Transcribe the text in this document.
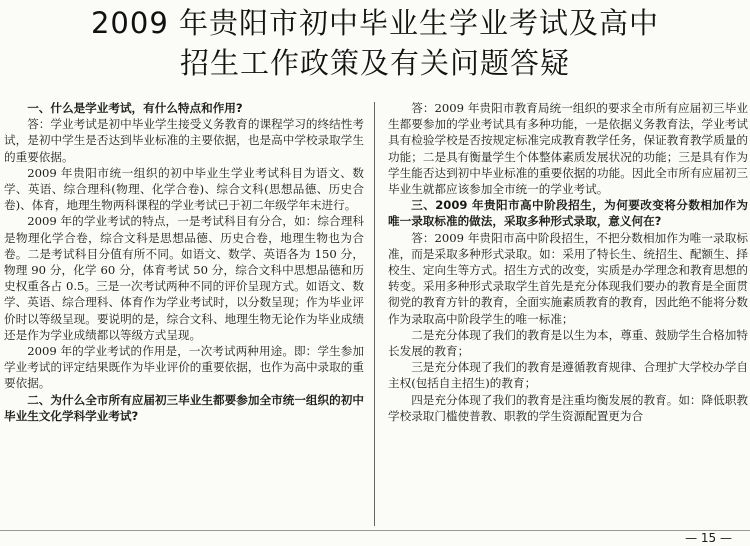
2009 年贵阳市初中毕业生学业考试及高中
招生工作政策及有关问题答疑
一、什么是学业考试，有什么特点和作用?

答：学业考试是初中毕业学生接受义务教育的课程学习的终结性考试，是初中学生是否达到毕业标准的主要依据，也是高中学校录取学生的重要依据。

2009 年贵阳市统一组织的初中毕业生学业考试科目为语文、数学、英语、综合理科(物理、化学合卷)、综合文科(思想品德、历史合卷)、体育，地理生物两科课程的学业考试已于初二年级学年末进行。

2009 年的学业考试的特点，一是考试科目有分合，如：综合理科是物理化学合卷，综合文科是思想品德、历史合卷，地理生物也为合卷。二是考试科目分值有所不同。如语文、数学、英语各为 150 分，物理 90 分，化学 60 分，体育考试 50 分，综合文科中思想品德和历史权重各占 0.5。三是一次考试两种不同的评价呈现方式。如语文、数学、英语、综合理科、体育作为学业考试时，以分数呈现；作为毕业评价时以等级呈现。要说明的是，综合文科、地理生物无论作为毕业成绩还是作为学业成绩都以等级方式呈现。

2009 年的学业考试的作用是，一次考试两种用途。即：学生参加学业考试的评定结果既作为毕业评价的重要依据，也作为高中录取的重要依据。

二、为什么全市所有应届初三毕业生都要参加全市统一组织的初中毕业生文化学科学业考试?

答：2009 年贵阳市教育局统一组织的要求全市所有应届初三毕业生都要参加的学业考试具有多种功能，一是依据义务教育法，学业考试具有检验学校是否按规定标准完成教育教学任务，保证教育教学质量的功能；二是具有衡量学生个体整体素质发展状况的功能；三是具有作为学生能否达到初中毕业标准的重要依据的功能。因此全市所有应届初三毕业生就都应该参加全市统一的学业考试。

三、2009 年贵阳市高中阶段招生，为何要改变将分数相加作为唯一录取标准的做法，采取多种形式录取，意义何在?

答：2009 年贵阳市高中阶段招生，不把分数相加作为唯一录取标准，而是采取多种形式录取。如：采用了特长生、统招生、配额生、择校生、定向生等方式。招生方式的改变，实质是办学理念和教育思想的转变。采用多种形式录取学生首先是充分体现我们要办的教育是全面贯彻党的教育方针的教育，全面实施素质教育的教育，因此绝不能将分数作为录取高中阶段学生的唯一标准；

二是充分体现了我们的教育是以生为本，尊重、鼓励学生合格加特长发展的教育；

三是充分体现了我们的教育是遵循教育规律、合理扩大学校办学自主权(包括自主招生)的教育；

四是充分体现了我们的教育是注重均衡发展的教育。如：降低职教学校录取门槛使普教、职教的学生资源配置更为合

— 15 —
